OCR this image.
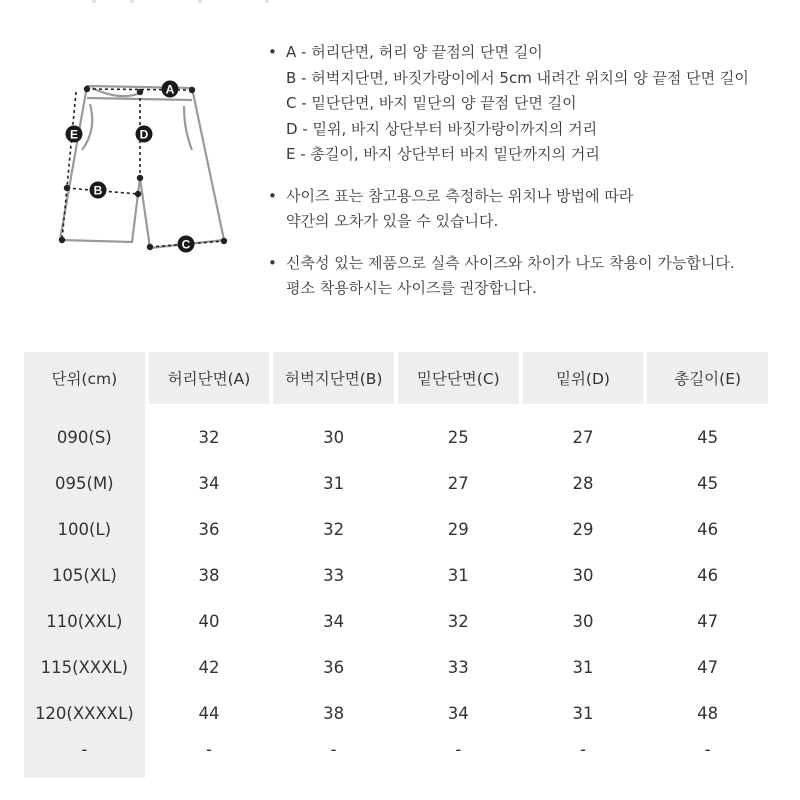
A
B
C
D
E
• A - 허리단면, 허리 양 끝점의 단면 길이
B - 허벅지단면, 바짓가랑이에서 5cm 내려간 위치의 양 끝점 단면 길이
C - 밑단단면, 바지 밑단의 양 끝점 단면 길이
D - 밑위, 바지 상단부터 바짓가랑이까지의 거리
E - 총길이, 바지 상단부터 바지 밑단까지의 거리
• 사이즈 표는 참고용으로 측정하는 위치나 방법에 따라
약간의 오차가 있을 수 있습니다.
• 신축성 있는 제품으로 실측 사이즈와 차이가 나도 착용이 가능합니다.
평소 착용하시는 사이즈를 권장합니다.
단위(cm)	허리단면(A)	허벅지단면(B)	밑단단면(C)	밑위(D)	총길이(E)

090(S)	32	30	25	27	45
095(M)	34	31	27	28	45
100(L)	36	32	29	29	46
105(XL)	38	33	31	30	46
110(XXL)	40	34	32	30	47
115(XXXL)	42	36	33	31	47
120(XXXXL)	44	38	34	31	48
-	-	-	-	-	-
